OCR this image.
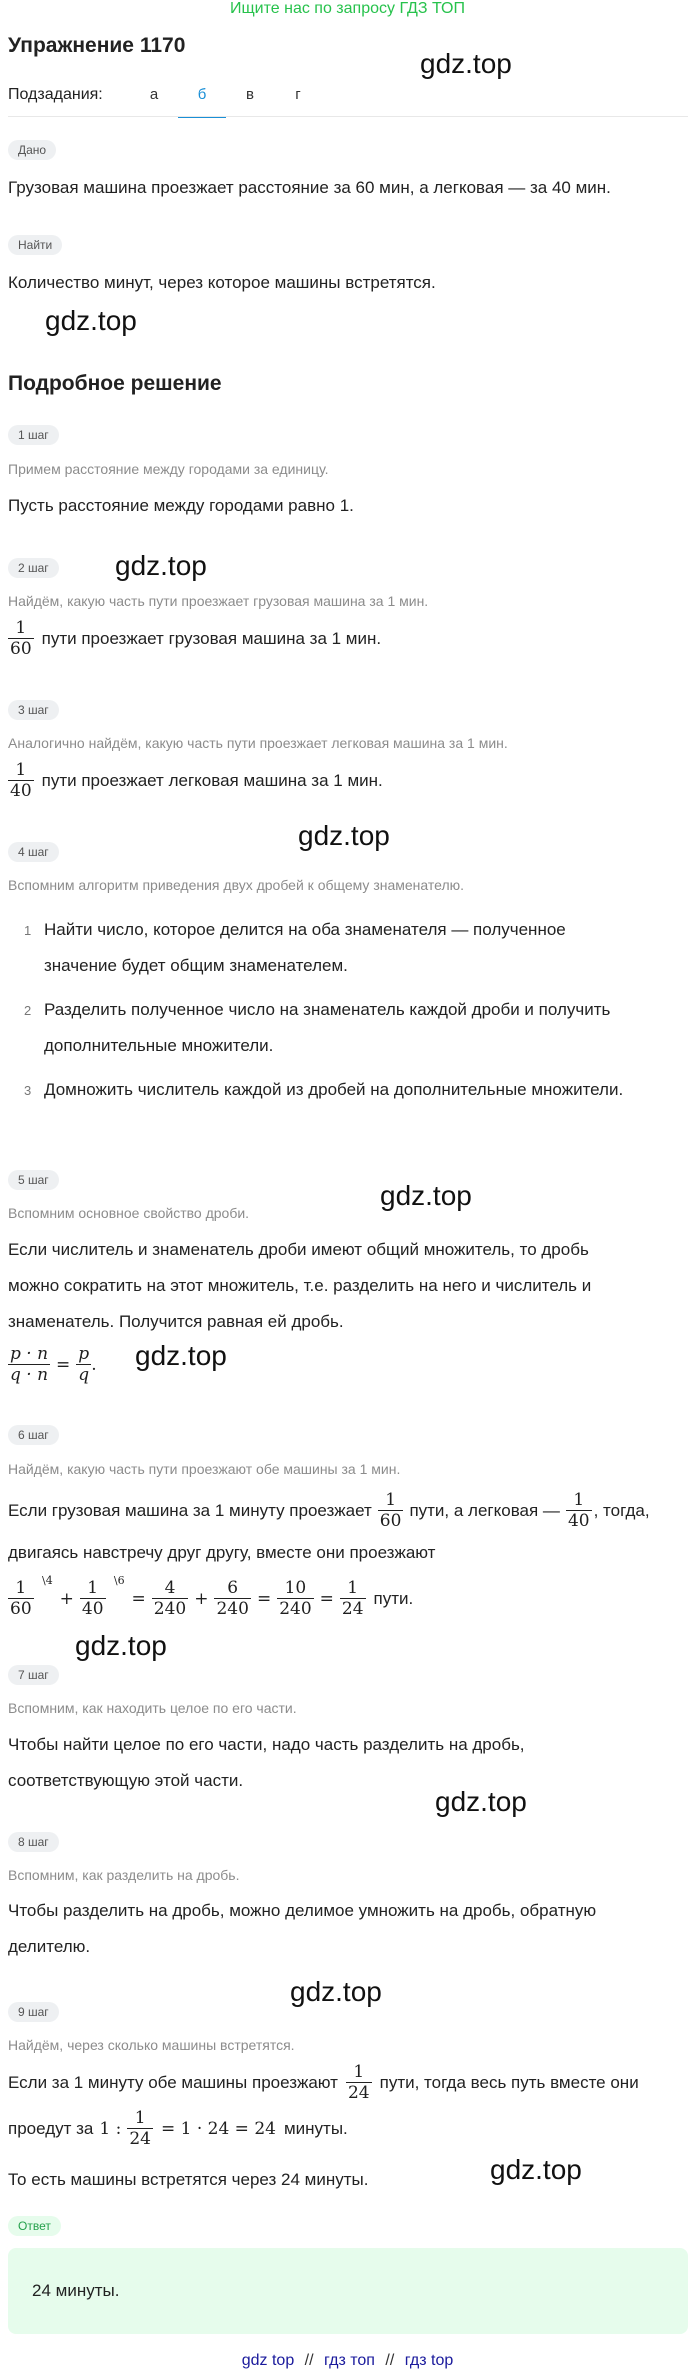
Ищите нас по запросу ГДЗ ТОП
Упражнение 1170
gdz.top
Подзадания:	а	б	в	г
Дано
Грузовая машина проезжает расстояние за 60 мин, а легковая — за 40 мин.
Найти
Количество минут, через которое машины встретятся.
gdz.top
Подробное решение
1 шаг
Примем расстояние между городами за единицу.
Пусть расстояние между городами равно 1.
2 шаг	gdz.top
Найдём, какую часть пути проезжает грузовая машина за 1 мин.
$\frac{1}{60}$ пути проезжает грузовая машина за 1 мин.
3 шаг
Аналогично найдём, какую часть пути проезжает легковая машина за 1 мин.
$\frac{1}{40}$ пути проезжает легковая машина за 1 мин.
4 шаг
gdz.top
Вспомним алгоритм приведения двух дробей к общему знаменателю.
1 Найти число, которое делится на оба знаменателя — полученное
значение будет общим знаменателем.
2 Разделить полученное число на знаменатель каждой дроби и получить
дополнительные множители.
3 Домножить числитель каждой из дробей на дополнительные множители.
5 шаг	gdz.top
Вспомним основное свойство дроби.
Если числитель и знаменатель дроби имеют общий множитель, то дробь
можно сократить на этот множитель, т.е. разделить на него и числитель и
знаменатель. Получится равная ей дробь.
$\frac{p \cdot n}{q \cdot n} = \frac{p}{q}$ . gdz.top
6 шаг
Найдём, какую часть пути проезжают обе машины за 1 мин.
Если грузовая машина за 1 минуту проезжает $\frac{1}{60}$ пути, а легковая — $\frac{1}{40}$ , тогда,
двигаясь навстречу друг другу, вместе они проезжают
1
60
\4
+
1
40
\6
= $\frac{4}{240} + \frac{6}{240} = \frac{10}{240} = \frac{1}{24}$ пути.
gdz.top
7 шаг
Вспомним, как находить целое по его части.
Чтобы найти целое по его части, надо часть разделить на дробь,
соответствующую этой части.
gdz.top
8 шаг
Вспомним, как разделить на дробь.
Чтобы разделить на дробь, можно делимое умножить на дробь, обратную
делителю.
gdz.top
9 шаг
Найдём, через сколько машины встретятся.
Если за 1 минуту обе машины проезжают $\frac{1}{24}$ пути, тогда весь путь вместе они
проедут за 1 : $\frac{1}{24} = 1 \cdot 24 = 24$ минуты.
То есть машины встретятся через 24 минуты.	gdz.top
Ответ
24 минуты.
gdz top // гдз топ // гдз top
